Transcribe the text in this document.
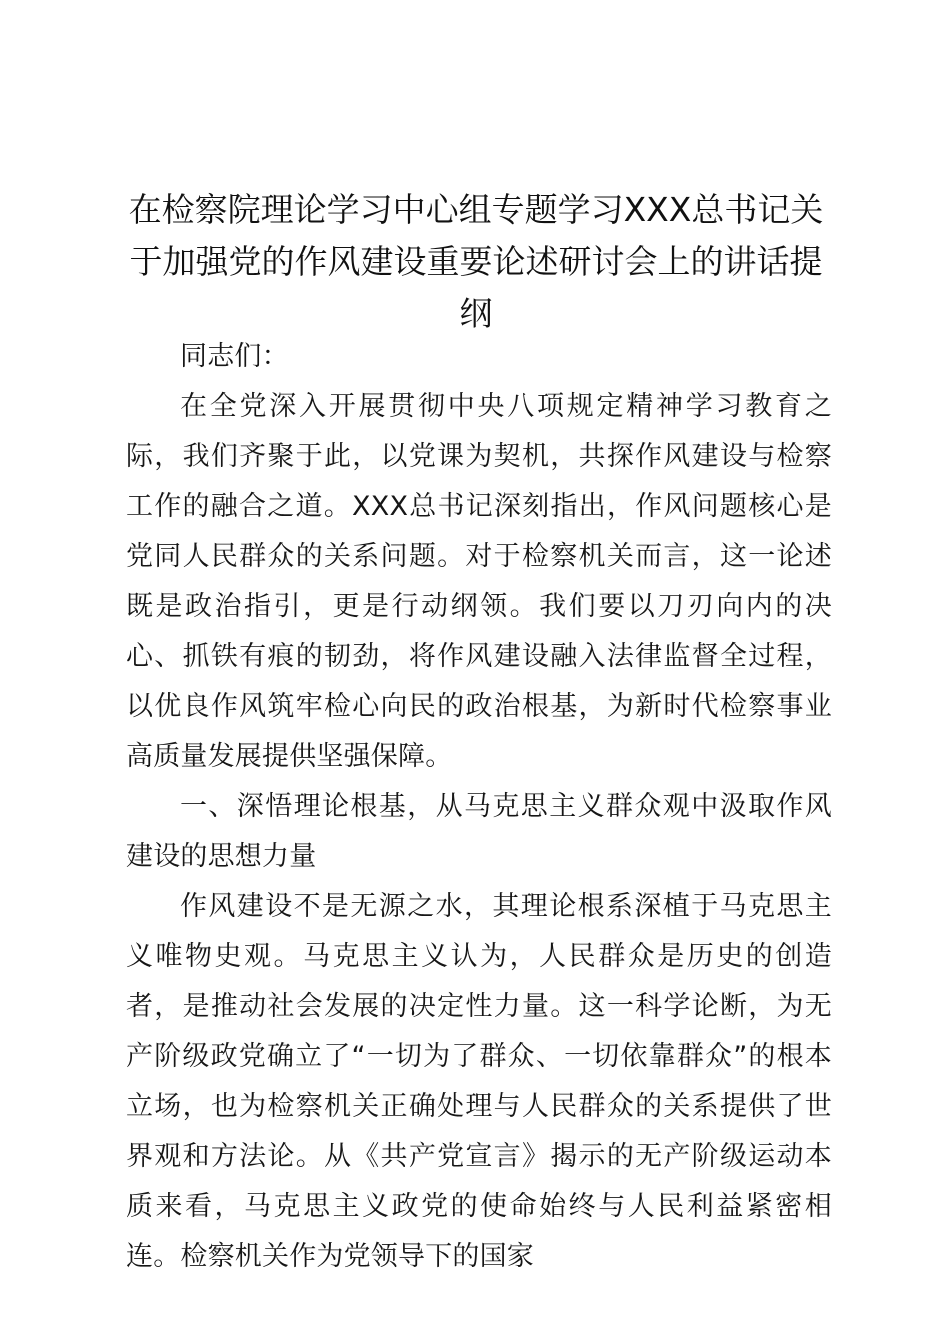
在检察院理论学习中心组专题学习XXX总书记关于加强党的作风建设重要论述研讨会上的讲话提纲

同志们：

在全党深入开展贯彻中央八项规定精神学习教育之际，我们齐聚于此，以党课为契机，共探作风建设与检察工作的融合之道。XXX总书记深刻指出，作风问题核心是党同人民群众的关系问题。对于检察机关而言，这一论述既是政治指引，更是行动纲领。我们要以刀刃向内的决心、抓铁有痕的韧劲，将作风建设融入法律监督全过程，以优良作风筑牢检心向民的政治根基，为新时代检察事业高质量发展提供坚强保障。

一、深悟理论根基，从马克思主义群众观中汲取作风建设的思想力量

作风建设不是无源之水，其理论根系深植于马克思主义唯物史观。马克思主义认为，人民群众是历史的创造者，是推动社会发展的决定性力量。这一科学论断，为无产阶级政党确立了“一切为了群众、一切依靠群众”的根本立场，也为检察机关正确处理与人民群众的关系提供了世界观和方法论。从《共产党宣言》揭示的无产阶级运动本质来看，马克思主义政党的使命始终与人民利益紧密相连。检察机关作为党领导下的国家
